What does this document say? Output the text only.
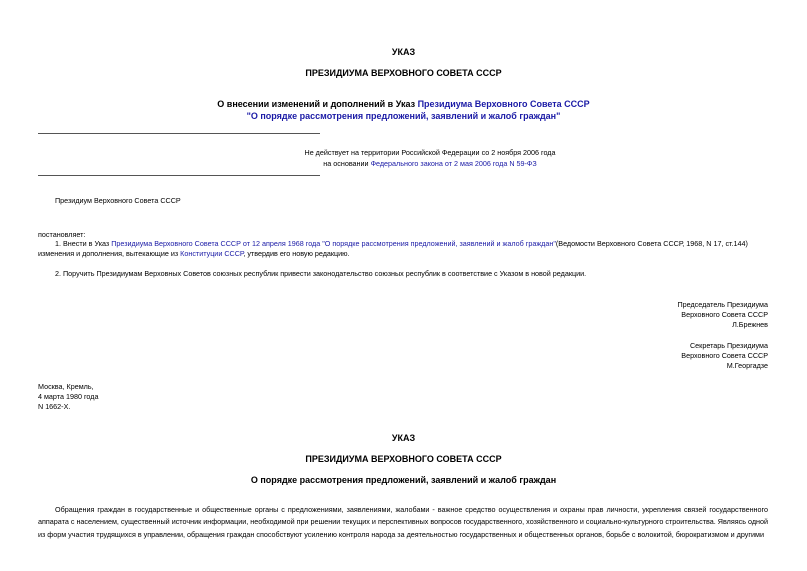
УКАЗ
ПРЕЗИДИУМА ВЕРХОВНОГО СОВЕТА СССР
О внесении изменений и дополнений в Указ Президиума Верховного Совета СССР
"О порядке рассмотрения предложений, заявлений и жалоб граждан"
Не действует на территории Российской Федерации со 2 ноября 2006 года
на основании Федерального закона от 2 мая 2006 года N 59-ФЗ
Президиум Верховного Совета СССР
постановляет:
1. Внести в Указ Президиума Верховного Совета СССР от 12 апреля 1968 года "О порядке рассмотрения предложений, заявлений и жалоб граждан"(Ведомости Верховного Совета СССР, 1968, N 17, ст.144)
изменения и дополнения, вытекающие из Конституции СССР, утвердив его новую редакцию.
2. Поручить Президиумам Верховных Советов союзных республик привести законодательство союзных республик в соответствие с Указом в новой редакции.
Председатель Президиума
Верховного Совета СССР
Л.Брежнев
Секретарь Президиума
Верховного Совета СССР
М.Георгадзе
Москва, Кремль,
4 марта 1980 года
N 1662-X.
УКАЗ
ПРЕЗИДИУМА ВЕРХОВНОГО СОВЕТА СССР
О порядке рассмотрения предложений, заявлений и жалоб граждан
Обращения граждан в государственные и общественные органы с предложениями, заявлениями, жалобами - важное средство осуществления и охраны прав личности, укрепления связей государственного аппарата с населением, существенный источник информации, необходимой при решении текущих и перспективных вопросов государственного, хозяйственного и социально-культурного строительства. Являясь одной из форм участия трудящихся в управлении, обращения граждан способствуют усилению контроля народа за деятельностью государственных и общественных органов, борьбе с волокитой, бюрократизмом и другими
